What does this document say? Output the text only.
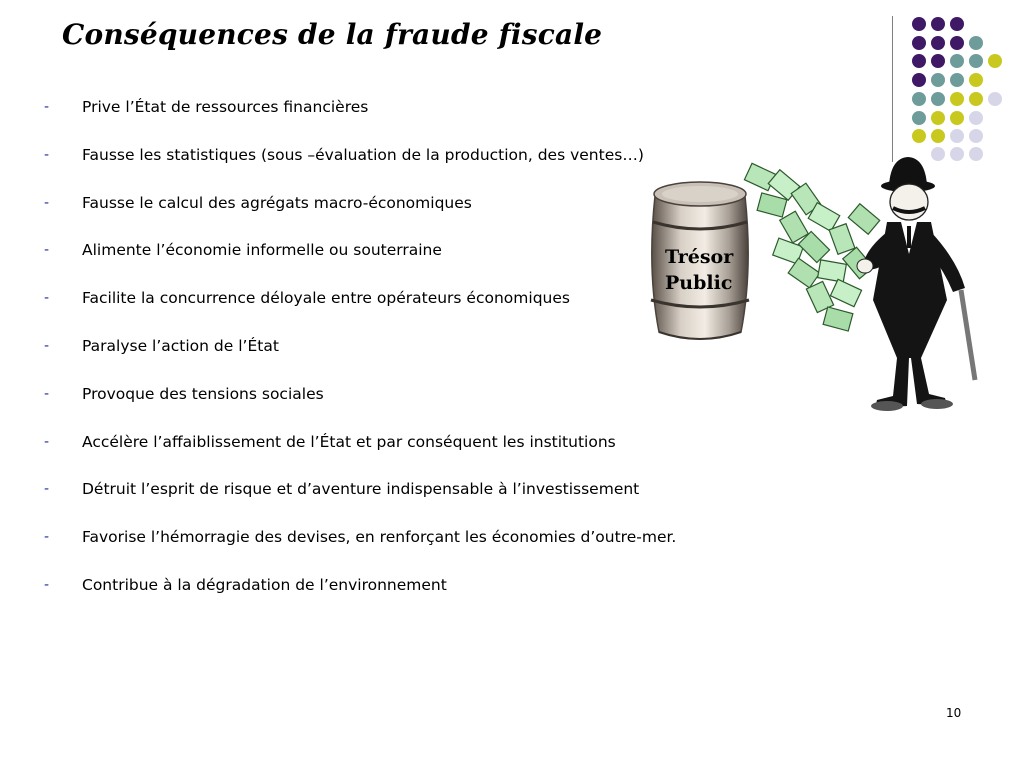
Conséquences de la fraude fiscale
- Prive l’État de ressources financières
- Fausse les statistiques (sous –évaluation de la production, des ventes…)
- Fausse le calcul des agrégats macro-économiques
- Alimente l’économie informelle ou souterraine
- Facilite la concurrence déloyale entre opérateurs économiques
- Paralyse l’action de l’État
- Provoque des tensions sociales
- Accélère l’affaiblissement de l’État et par conséquent les institutions
- Détruit l’esprit de risque et d’aventure indispensable à l’investissement
- Favorise l’hémorragie des devises, en renforçant les économies d’outre-mer.
- Contribue à la dégradation de l’environnement
Trésor
Public
10
